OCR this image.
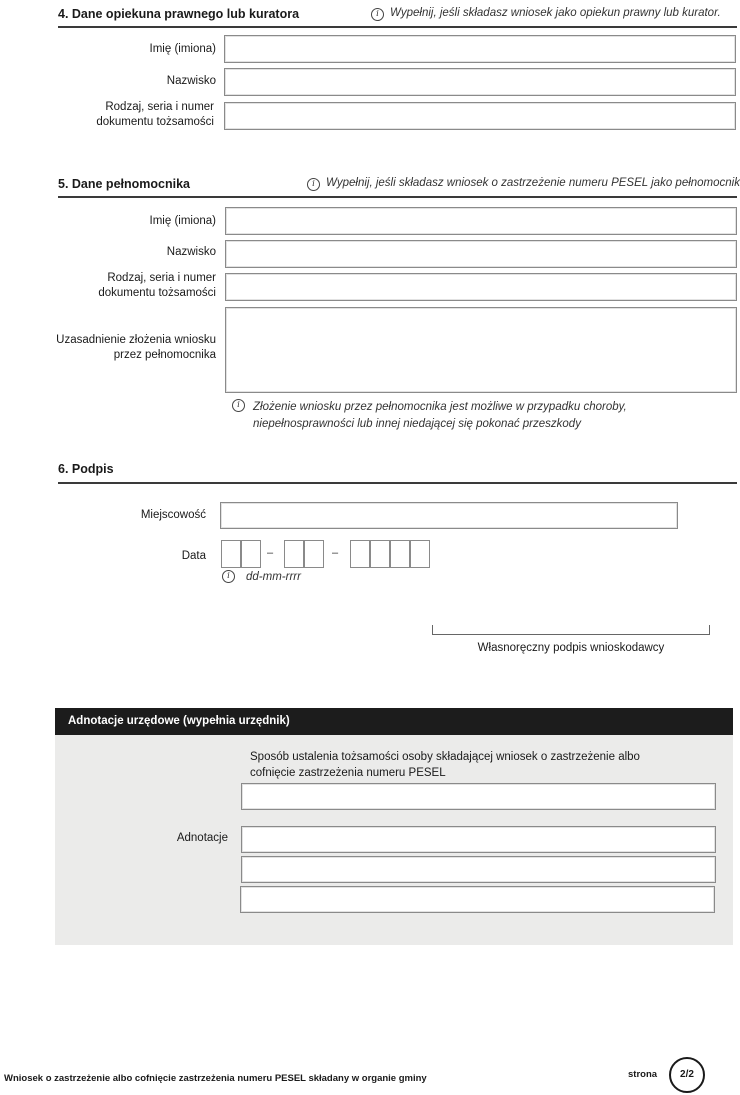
4. Dane opiekuna prawnego lub kuratora	i Wypełnij, jeśli składasz wniosek jako opiekun prawny lub kurator.
Imię (imiona)
Nazwisko
Rodzaj, seria i numer
dokumentu tożsamości
5. Dane pełnomocnika	i Wypełnij, jeśli składasz wniosek o zastrzeżenie numeru PESEL jako pełnomocnik
Imię (imiona)
Nazwisko
Rodzaj, seria i numer
dokumentu tożsamości
Uzasadnienie złożenia wniosku
przez pełnomocnika
i	Złożenie wniosku przez pełnomocnika jest możliwe w przypadku choroby,
niepełnosprawności lub innej niedającej się pokonać przeszkody
6. Podpis
Miejscowość
Data	–	–
i	dd-mm-rrrr
Własnoręczny podpis wnioskodawcy
Adnotacje urzędowe (wypełnia urzędnik)
Sposób ustalenia tożsamości osoby składającej wniosek o zastrzeżenie albo
cofnięcie zastrzeżenia numeru PESEL
Adnotacje
Wniosek o zastrzeżenie albo cofnięcie zastrzeżenia numeru PESEL składany w organie gminy	strona	2/2
